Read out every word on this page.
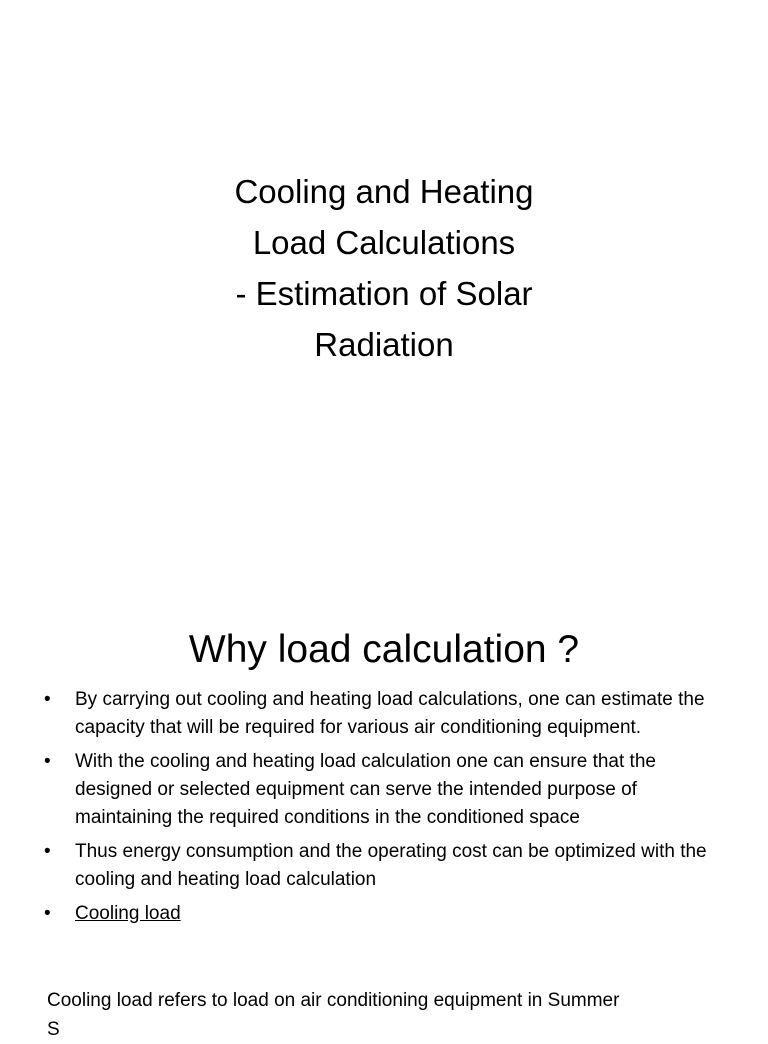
Cooling and Heating
Load Calculations
- Estimation of Solar
Radiation
Why load calculation ?
• By carrying out cooling and heating load calculations, one can estimate the capacity that will be required for various air conditioning equipment.
• With the cooling and heating load calculation one can ensure that the designed or selected equipment can serve the intended purpose of maintaining the required conditions in the conditioned space
• Thus energy consumption and the operating cost can be optimized with the cooling and heating load calculation
• Cooling load

Cooling load refers to load on air conditioning equipment in Summer

S
